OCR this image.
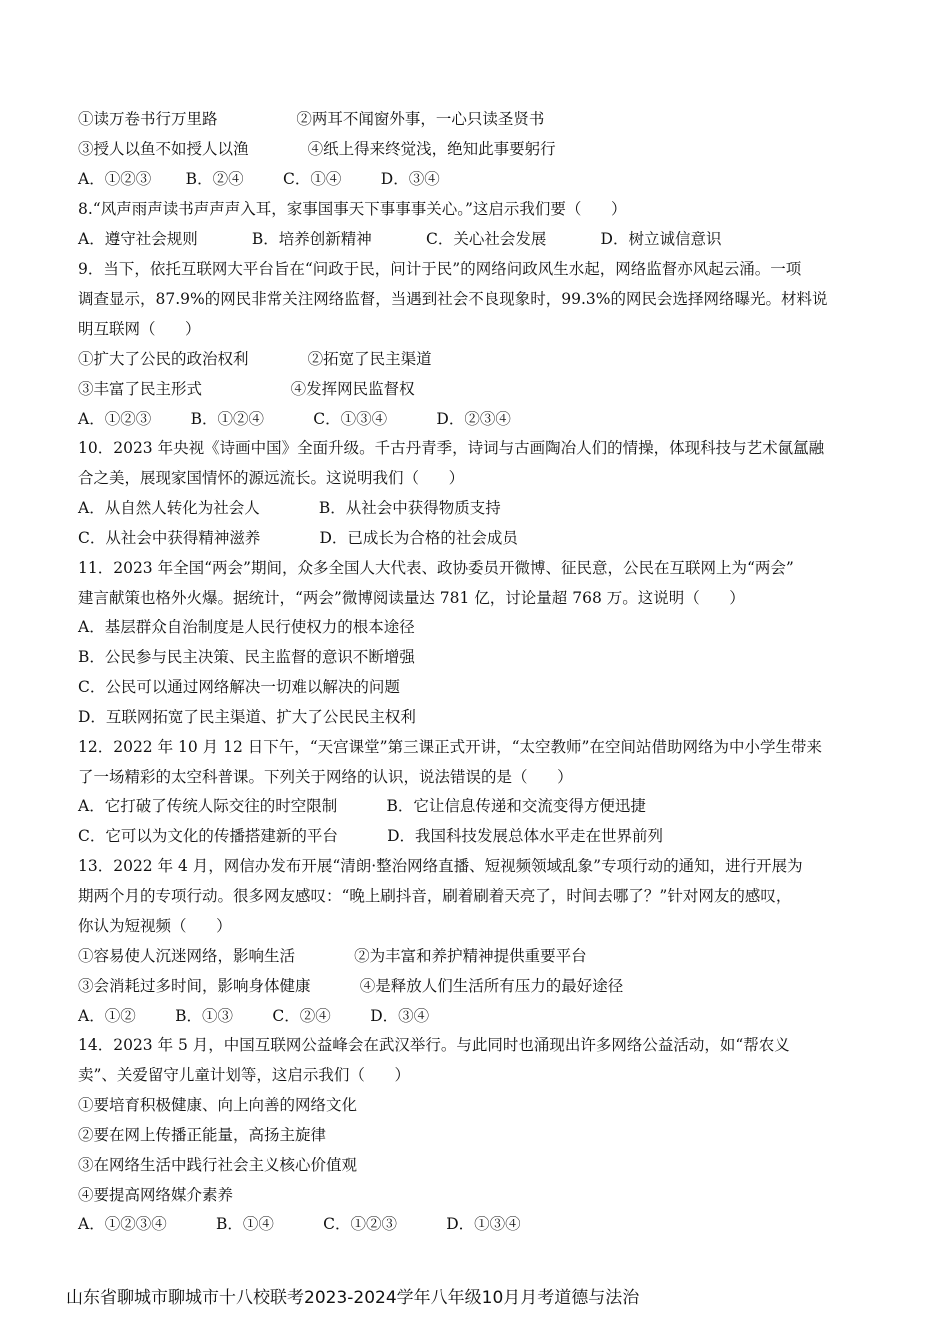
①读万卷书行万里路                ②两耳不闻窗外事，一心只读圣贤书
③授人以鱼不如授人以渔            ④纸上得来终觉浅，绝知此事要躬行
A．①②③       B．②④        C．①④        D．③④
8.“风声雨声读书声声声入耳，家事国事天下事事事关心。”这启示我们要（      ）
A．遵守社会规则           B．培养创新精神           C．关心社会发展           D．树立诚信意识
9．当下，依托互联网大平台旨在“问政于民，问计于民”的网络问政风生水起，网络监督亦风起云涌。一项
调查显示，87.9%的网民非常关注网络监督，当遇到社会不良现象时，99.3%的网民会选择网络曝光。材料说
明互联网（      ）
①扩大了公民的政治权利            ②拓宽了民主渠道
③丰富了民主形式                  ④发挥网民监督权
A．①②③        B．①②④          C．①③④          D．②③④
10．2023 年央视《诗画中国》全面升级。千古丹青季，诗词与古画陶冶人们的情操，体现科技与艺术氤氲融
合之美，展现家国情怀的源远流长。这说明我们（      ）
A．从自然人转化为社会人            B．从社会中获得物质支持
C．从社会中获得精神滋养            D．已成长为合格的社会成员
11．2023 年全国“两会”期间，众多全国人大代表、政协委员开微博、征民意，公民在互联网上为“两会”
建言献策也格外火爆。据统计，“两会”微博阅读量达 781 亿，讨论量超 768 万。这说明（      ）
A．基层群众自治制度是人民行使权力的根本途径
B．公民参与民主决策、民主监督的意识不断增强
C．公民可以通过网络解决一切难以解决的问题
D．互联网拓宽了民主渠道、扩大了公民民主权利
12．2022 年 10 月 12 日下午，“天宫课堂”第三课正式开讲，“太空教师”在空间站借助网络为中小学生带来
了一场精彩的太空科普课。下列关于网络的认识，说法错误的是（      ）
A．它打破了传统人际交往的时空限制          B．它让信息传递和交流变得方便迅捷
C．它可以为文化的传播搭建新的平台          D．我国科技发展总体水平走在世界前列
13．2022 年 4 月，网信办发布开展“清朗·整治网络直播、短视频领域乱象”专项行动的通知，进行开展为
期两个月的专项行动。很多网友感叹：“晚上刷抖音，刷着刷着天亮了，时间去哪了？”针对网友的感叹，
你认为短视频（      ）
①容易使人沉迷网络，影响生活            ②为丰富和养护精神提供重要平台
③会消耗过多时间，影响身体健康          ④是释放人们生活所有压力的最好途径
A．①②        B．①③        C．②④        D．③④
14．2023 年 5 月，中国互联网公益峰会在武汉举行。与此同时也涌现出许多网络公益活动，如“帮农义
卖”、关爱留守儿童计划等，这启示我们（      ）
①要培育积极健康、向上向善的网络文化
②要在网上传播正能量，高扬主旋律
③在网络生活中践行社会主义核心价值观
④要提高网络媒介素养
A．①②③④          B．①④          C．①②③          D．①③④
山东省聊城市聊城市十八校联考2023-2024学年八年级10月月考道德与法治
